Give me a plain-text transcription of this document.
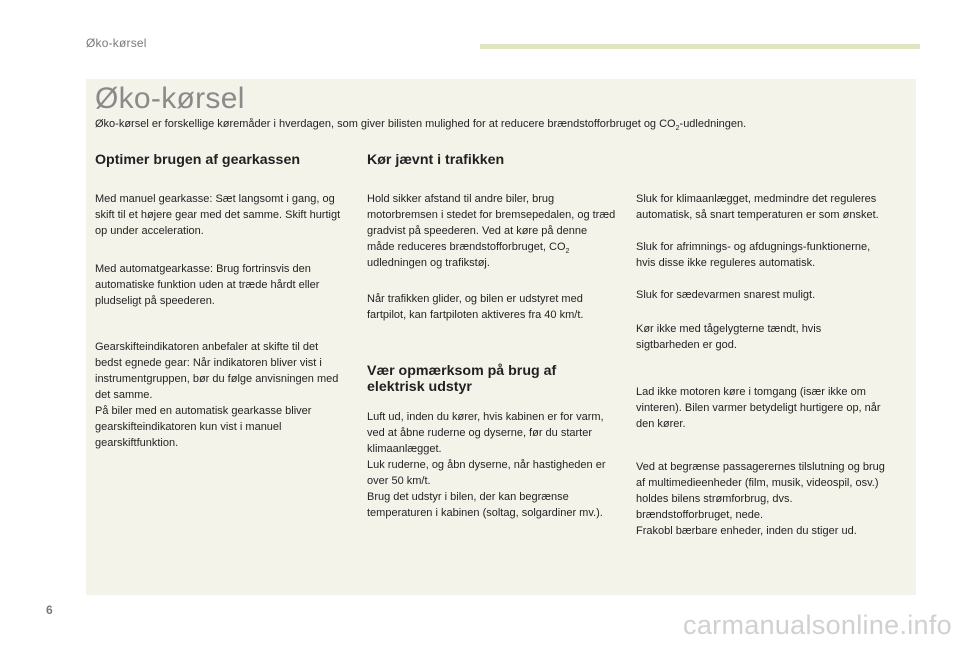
Øko-kørsel
Øko-kørsel
Øko-kørsel er forskellige køremåder i hverdagen, som giver bilisten mulighed for at reducere brændstofforbruget og $CO_2$-udledningen.
Optimer brugen af gearkassen

Med manuel gearkasse: Sæt langsomt i gang, og skift til et højere gear med det samme. Skift hurtigt op under acceleration.

Med automatgearkasse: Brug fortrinsvis den automatiske funktion uden at træde hårdt eller pludseligt på speederen.

Gearskifteindikatoren anbefaler at skifte til det bedst egnede gear: Når indikatoren bliver vist i instrumentgruppen, bør du følge anvisningen med det samme.

På biler med en automatisk gearkasse bliver gearskifteindikatoren kun vist i manuel gearskiftfunktion.

Kør jævnt i trafikken

Hold sikker afstand til andre biler, brug motorbremsen i stedet for bremsepedalen, og træd gradvist på speederen. Ved at køre på denne måde reduceres brændstofforbruget, $CO_2$ udledningen og trafikstøj.

Når trafikken glider, og bilen er udstyret med fartpilot, kan fartpiloten aktiveres fra 40 km/t.

Vær opmærksom på brug af elektrisk udstyr

Luft ud, inden du kører, hvis kabinen er for varm, ved at åbne ruderne og dyserne, før du starter klimaanlægget.

Luk ruderne, og åbn dyserne, når hastigheden er over 50 km/t.

Brug det udstyr i bilen, der kan begrænse temperaturen i kabinen (soltag, solgardiner mv.).

Sluk for klimaanlægget, medmindre det reguleres automatisk, så snart temperaturen er som ønsket.

Sluk for afrimnings- og afdugnings-funktionerne, hvis disse ikke reguleres automatisk.

Sluk for sædevarmen snarest muligt.

Kør ikke med tågelygterne tændt, hvis sigtbarheden er god.

Lad ikke motoren køre i tomgang (især ikke om vinteren). Bilen varmer betydeligt hurtigere op, når den kører.

Ved at begrænse passagerernes tilslutning og brug af multimedieenheder (film, musik, videospil, osv.) holdes bilens strømforbrug, dvs. brændstofforbruget, nede.

Frakobl bærbare enheder, inden du stiger ud.

6	carmanualsonline.info
